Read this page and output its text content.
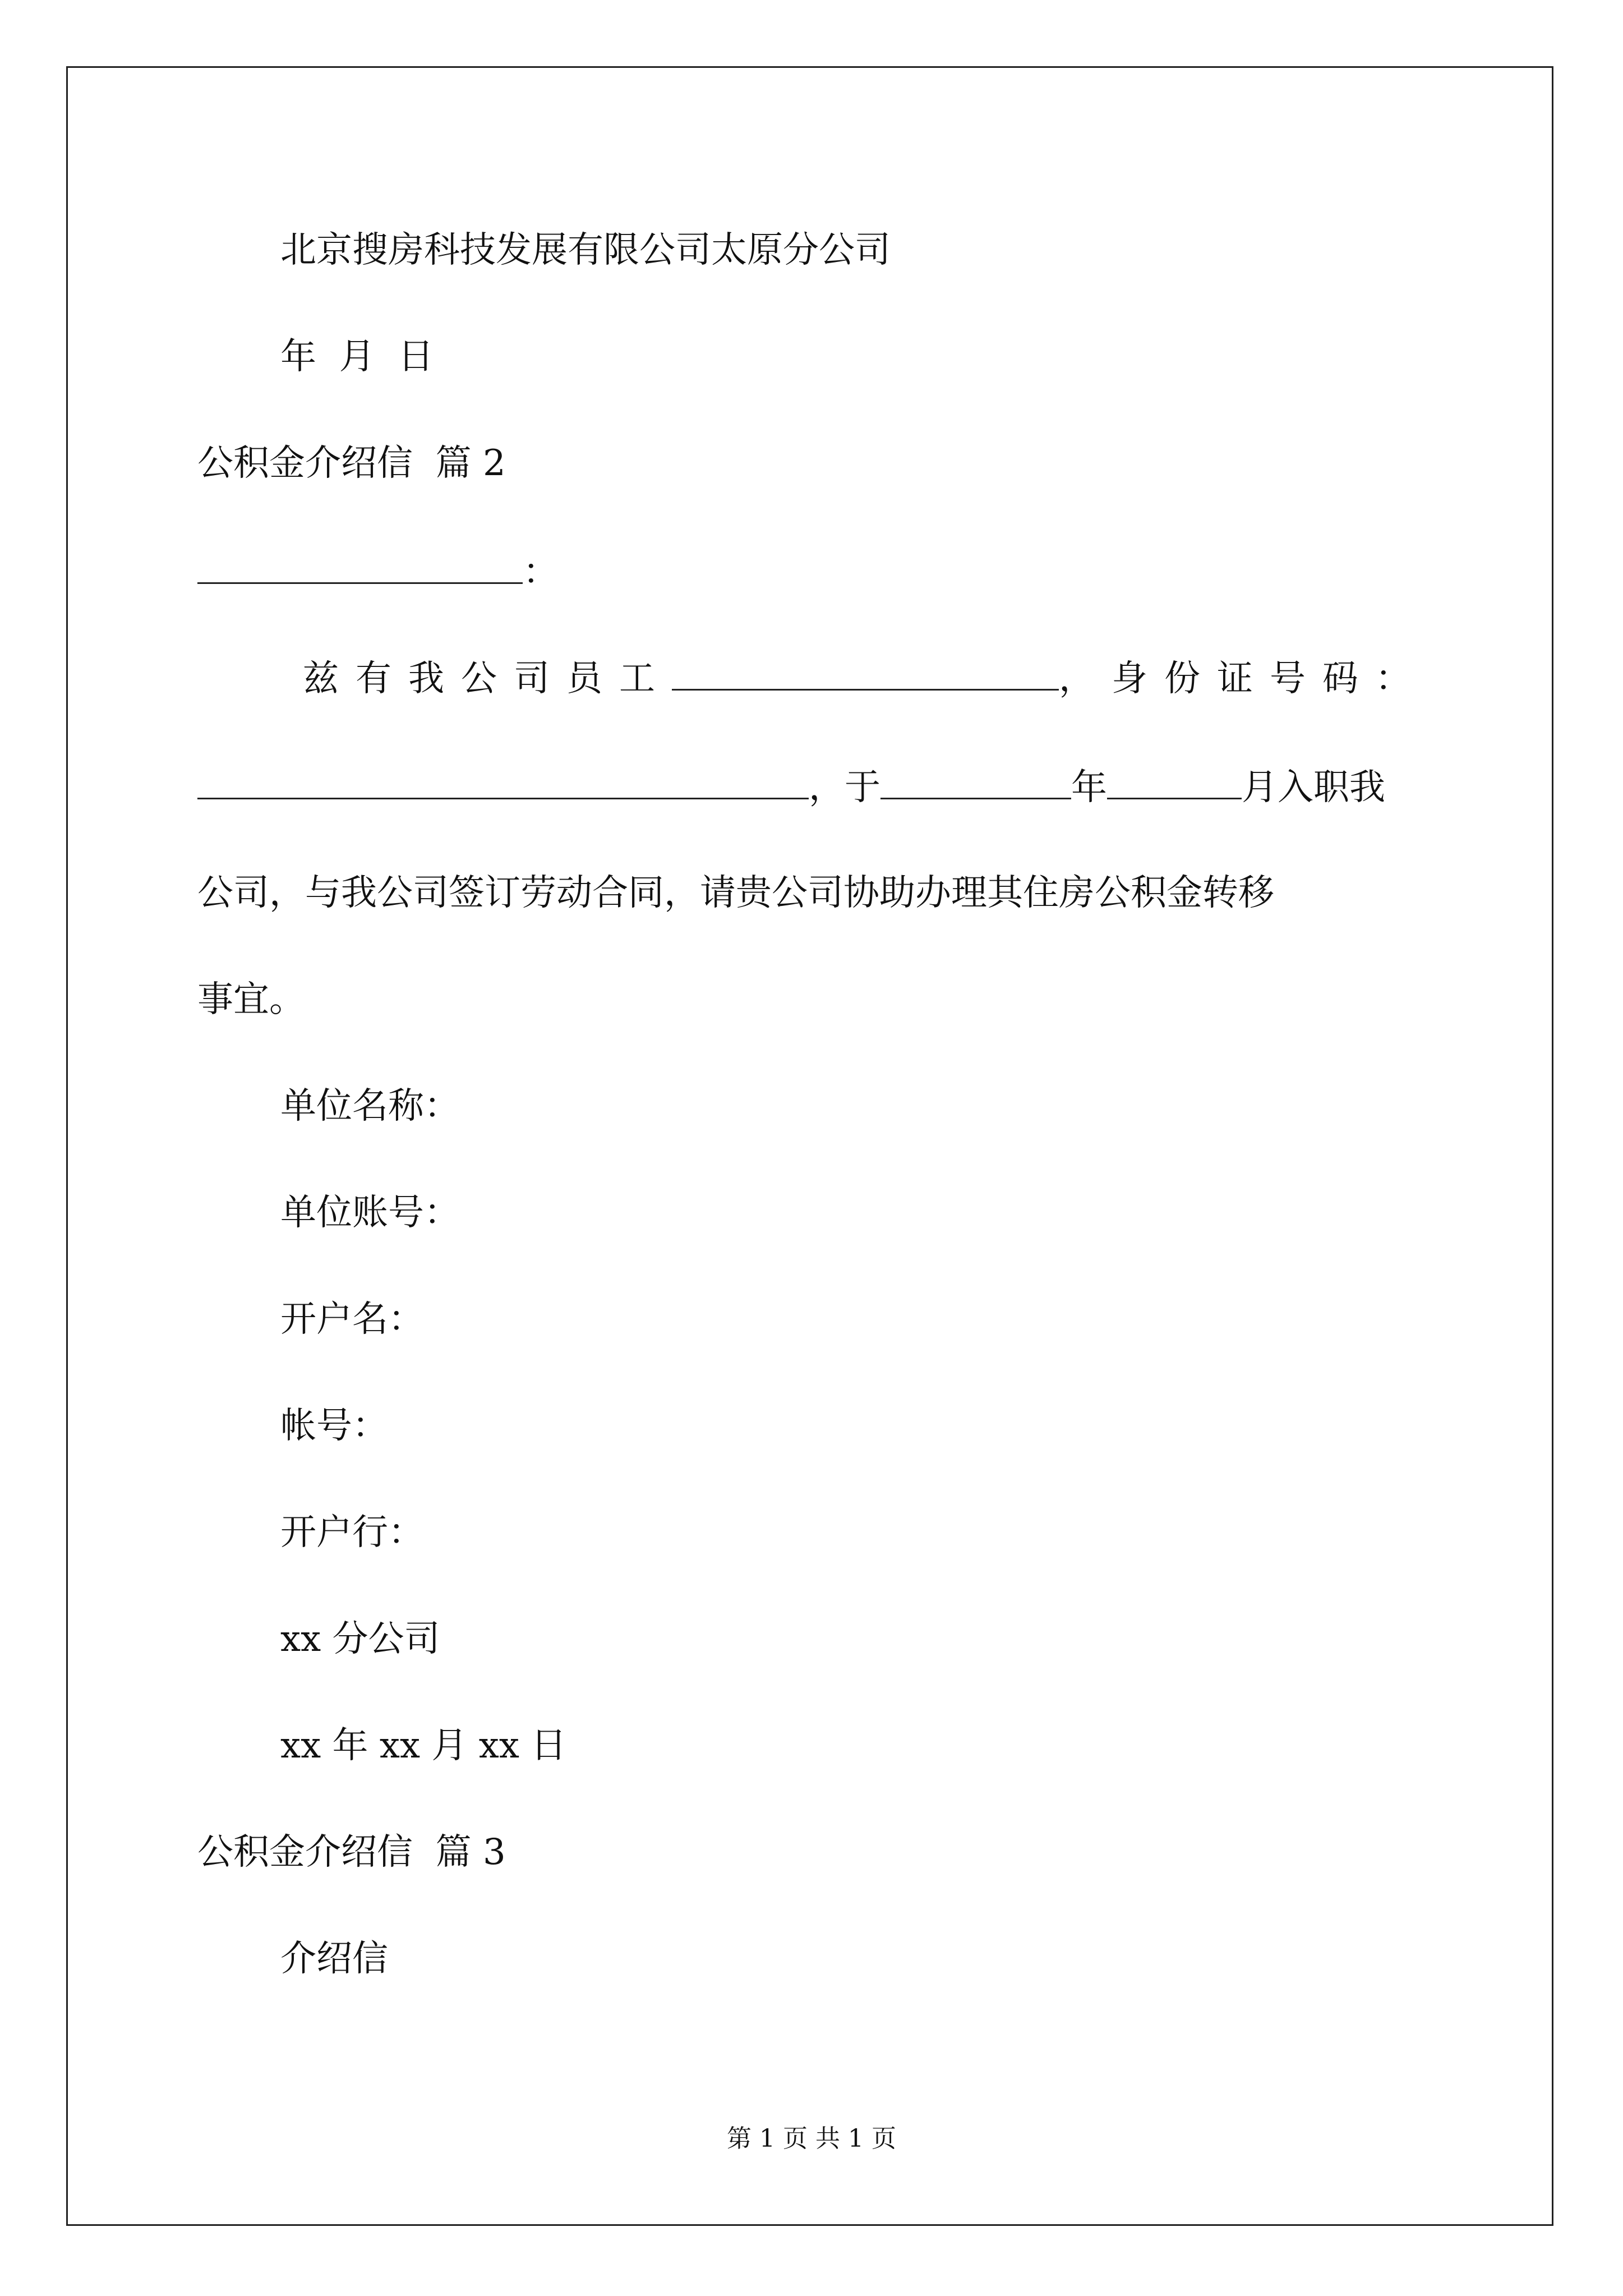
北京搜房科技发展有限公司太原分公司
年  月  日
公积金介绍信  篇 2
：
兹有我公司员工	，身份证号码：
，于	年	月入职我
公司，与我公司签订劳动合同，请贵公司协助办理其住房公积金转移
事宜。
单位名称：
单位账号：
开户名：
帐号：
开户行：
xx 分公司
xx 年 xx 月 xx 日
公积金介绍信  篇 3
介绍信
第 1 页 共 1 页
